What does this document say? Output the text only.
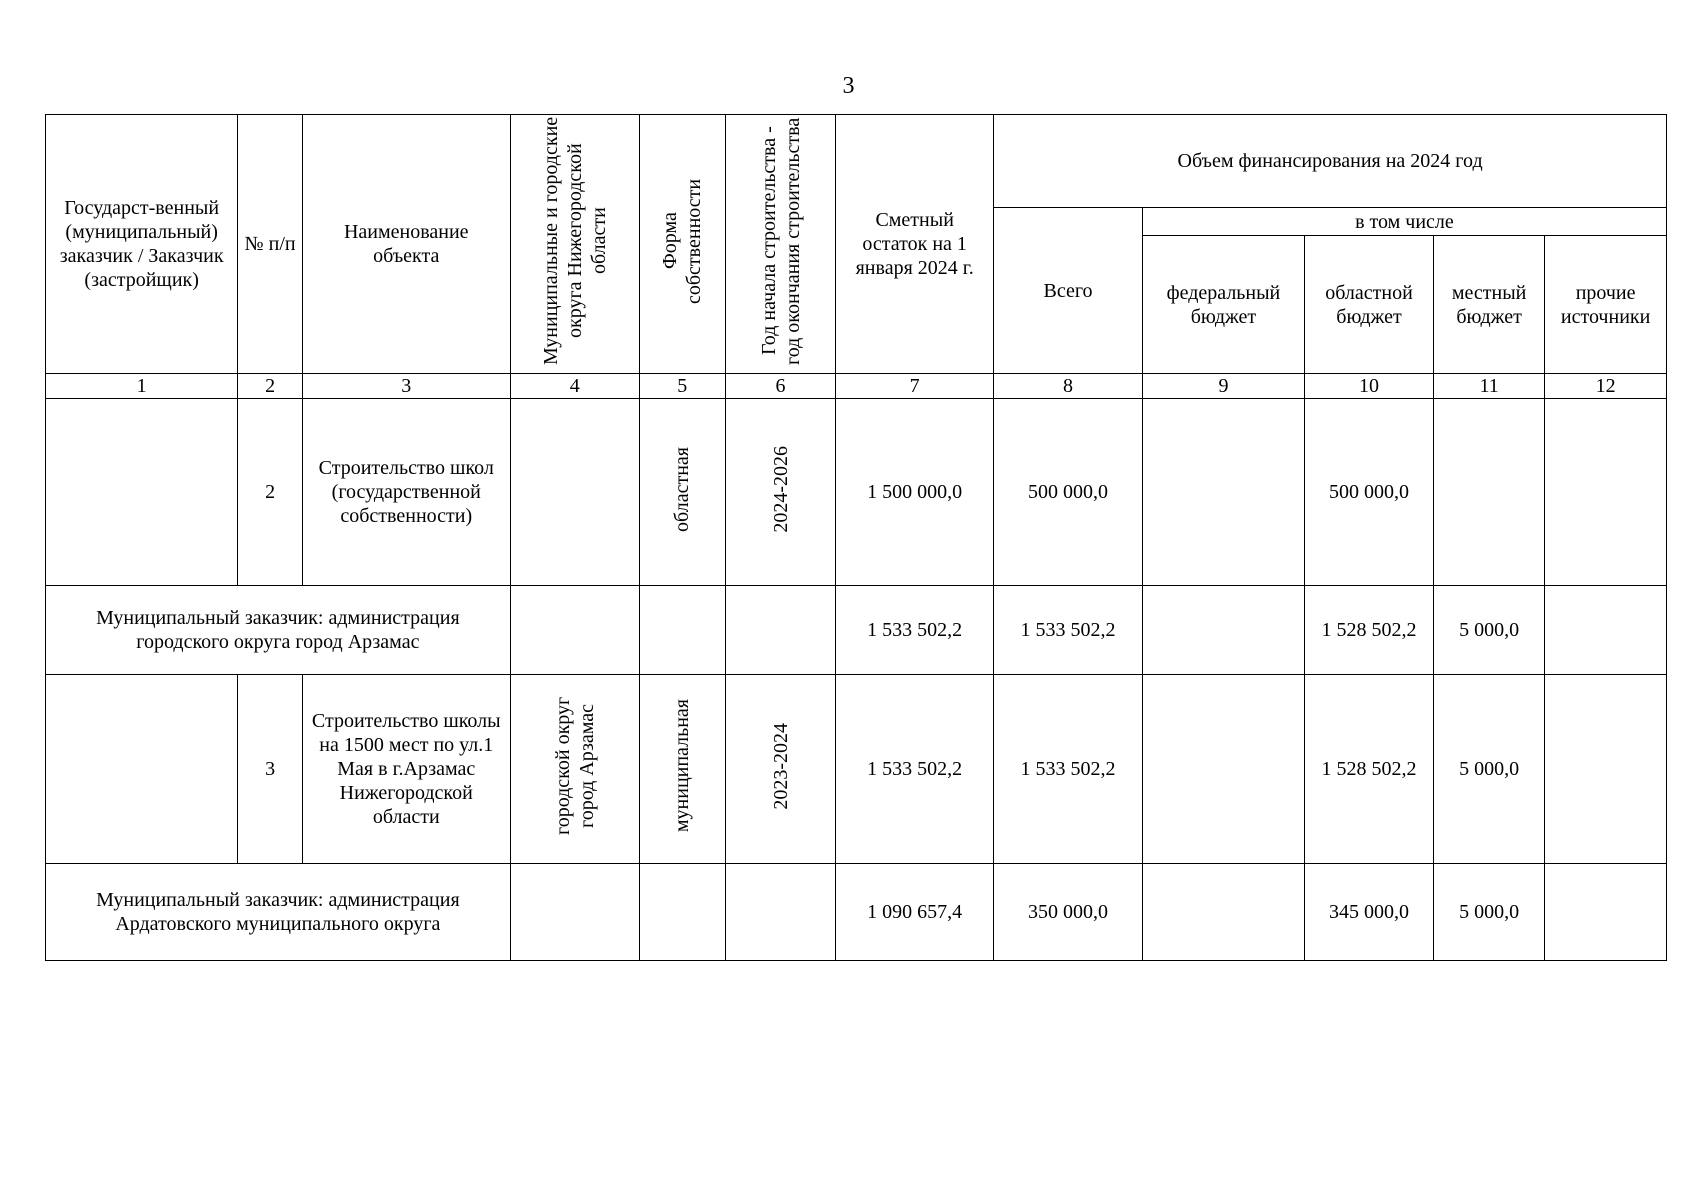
3
Государст-венный (муниципальный) заказчик / Заказчик (застройщик)	№ п/п	Наименование объекта	Муниципальные и городские округа Нижегородской области	Форма собственности	Год начала строительства - год окончания строительства	Сметный остаток на 1 января 2024 г.	Объем финансирования на 2024 год				
							Всего	в том числе			
								федеральный бюджет	областной бюджет	местный бюджет	прочие источники
1	2	3	4	5	6	7	8	9	10	11	12
	2	Строительство школ (государственной собственности)		областная	2024-2026	1 500 000,0	500 000,0		500 000,0		
Муниципальный заказчик: администрация городского округа город Арзамас						1 533 502,2	1 533 502,2		1 528 502,2	5 000,0	
	3	Строительство школы на 1500 мест по ул.1 Мая в г.Арзамас Нижегородской области	городской округ город Арзамас	муниципальная	2023-2024	1 533 502,2	1 533 502,2		1 528 502,2	5 000,0	
Муниципальный заказчик: администрация Ардатовского муниципального округа						1 090 657,4	350 000,0		345 000,0	5 000,0	
